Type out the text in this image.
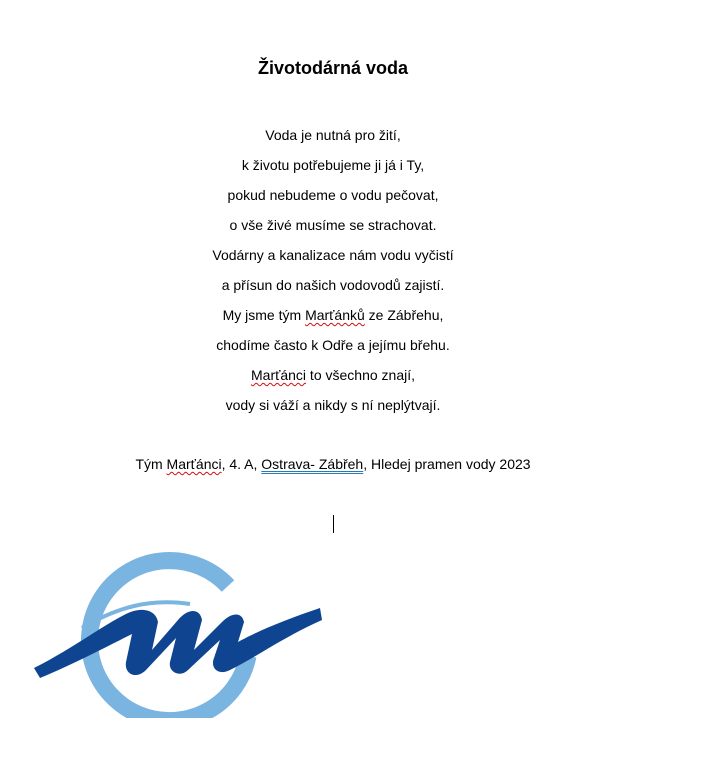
Životodárná voda
Voda je nutná pro žití,
k životu potřebujeme ji já i Ty,
pokud nebudeme o vodu pečovat,
o vše živé musíme se strachovat.
Vodárny a kanalizace nám vodu vyčistí
a přísun do našich vodovodů zajistí.
My jsme tým Marťánků ze Zábřehu,
chodíme často k Odře a jejímu břehu.
Marťánci to všechno znají,
vody si váží a nikdy s ní neplýtvají.
Tým Marťánci, 4. A, Ostrava- Zábřeh, Hledej pramen vody 2023
